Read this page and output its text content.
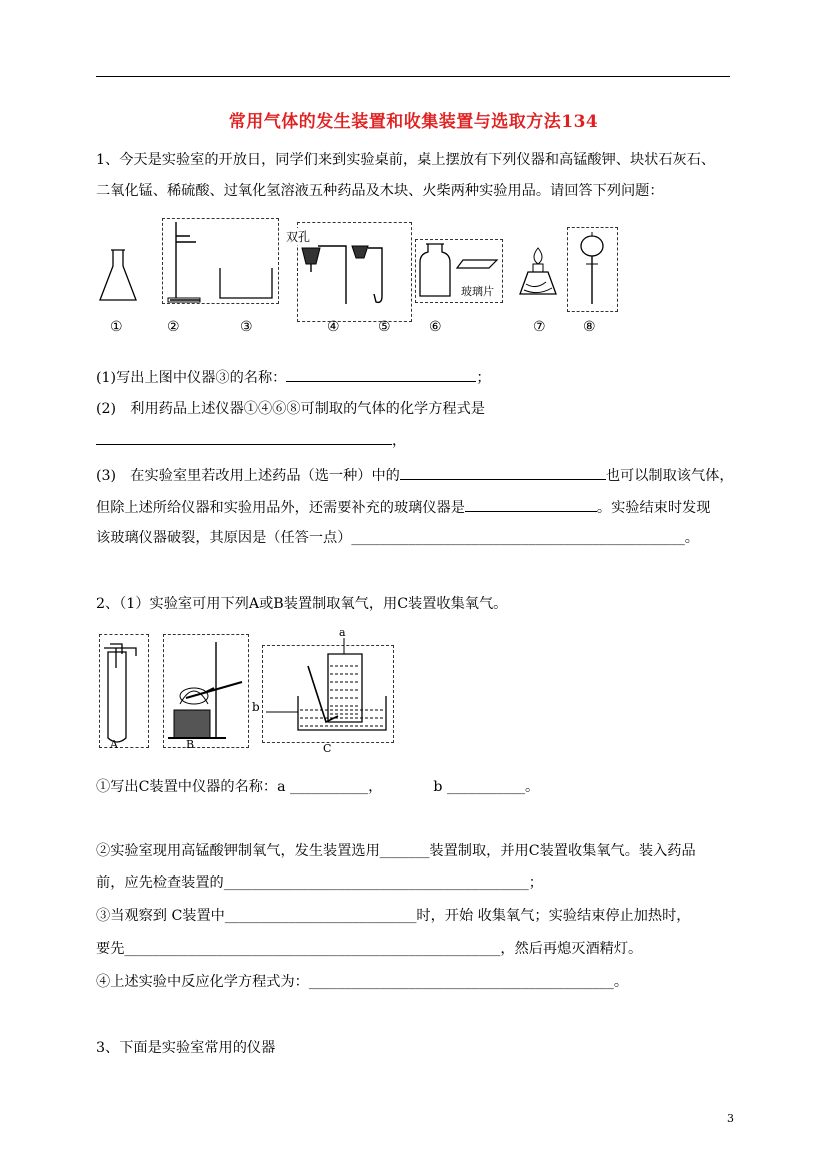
常用气体的发生装置和收集装置与选取方法134
1、今天是实验室的开放日，同学们来到实验桌前，桌上摆放有下列仪器和高锰酸钾、块状石灰石、
二氧化锰、稀硫酸、过氧化氢溶液五种药品及木块、火柴两种实验用品。请回答下列问题：
双孔
玻璃片
①	②	③	④	⑤	⑥	⑦	⑧
(1)写出上图中仪器③的名称：	；
(2)　利用药品上述仪器①④⑥⑧可制取的气体的化学方程式是
，
(3)　在实验室里若改用上述药品（选一种）中的	也可以制取该气体，
但除上述所给仪器和实验用品外，还需要补充的玻璃仪器是	。实验结束时发现
该玻璃仪器破裂，其原因是（任答一点）_______________________________________________。
2、（1）实验室可用下列A或B装置制取氧气，用C装置收集氧气。
A	B
a
b
C
①写出C装置中仪器的名称：a ___________，	b ___________。
②实验室现用高锰酸钾制氧气，发生装置选用_______装置制取，并用C装置收集氧气。装入药品
前，应先检查装置的___________________________________________；
③当观察到 C装置中___________________________时，开始 收集氧气；实验结束停止加热时，
要先_____________________________________________________，然后再熄灭酒精灯。
④上述实验中反应化学方程式为：___________________________________________。
3、下面是实验室常用的仪器
3
